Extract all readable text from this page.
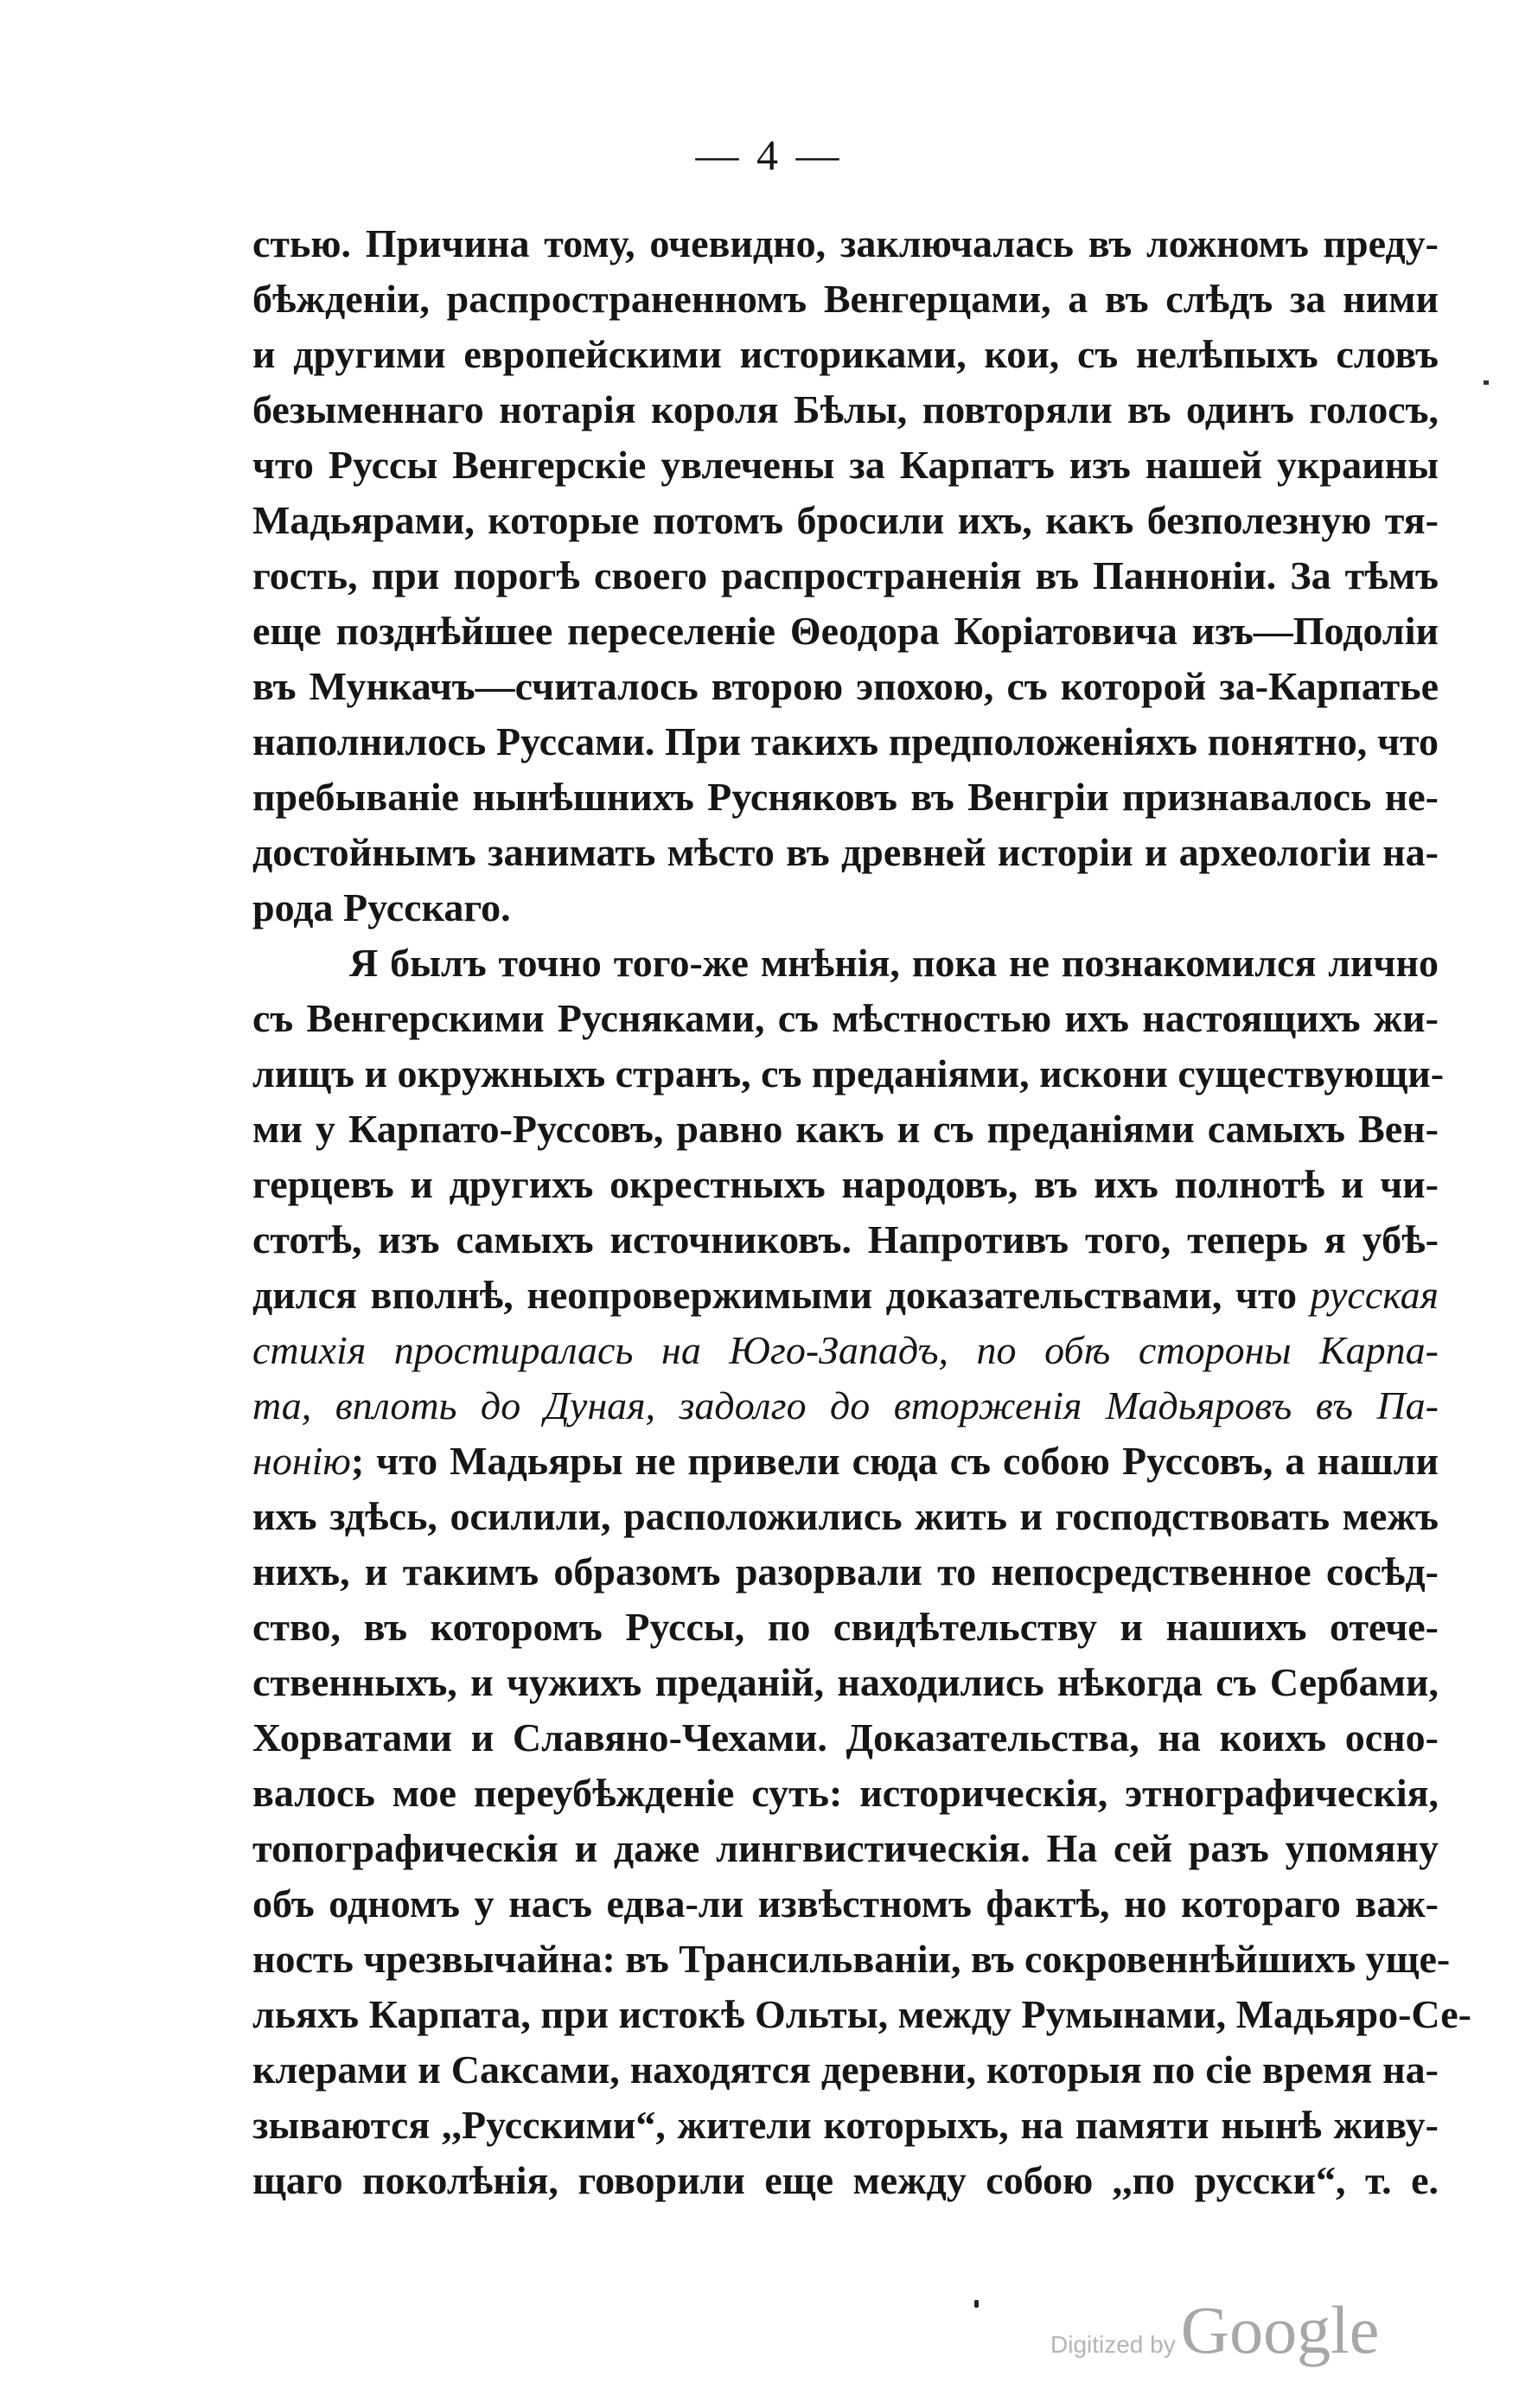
— 4 —
стью. Причина тому, очевидно, заключалась въ ложномъ преду-
бѣжденіи, распространенномъ Венгерцами, а въ слѣдъ за ними
и другими европейскими историками, кои, съ нелѣпыхъ словъ
безыменнаго нотарія короля Бѣлы, повторяли въ одинъ голосъ,
что Руссы Венгерскіе увлечены за Карпатъ изъ нашей украины
Мадьярами, которые потомъ бросили ихъ, какъ безполезную тя-
гость, при порогѣ своего распространенія въ Паннонiи. За тѣмъ
еще позднѣйшее переселеніе Θеодора Коріатовича изъ—Подоліи
въ Мункачъ—считалось второю эпохою, съ которой за-Карпатье
наполнилось Руссами. При такихъ предположеніяхъ понятно, что
пребываніе нынѣшнихъ Русняковъ въ Венгріи признавалось не-
достойнымъ занимать мѣсто въ древней исторіи и археологіи на-
рода Русскаго.
Я былъ точно того-же мнѣнія, пока не познакомился лично
съ Венгерскими Русняками, съ мѣстностью ихъ настоящихъ жи-
лищъ и окружныхъ странъ, съ преданіями, искони существующи-
ми у Карпато-Руссовъ, равно какъ и съ преданіями самыхъ Вен-
герцевъ и другихъ окрестныхъ народовъ, въ ихъ полнотѣ и чи-
стотѣ, изъ самыхъ источниковъ. Напротивъ того, теперь я убѣ-
дился вполнѣ, неопровержимыми доказательствами, что русская
стихія простиралась на Юго-Западъ, по обѣ стороны Карпа-
та, вплоть до Дуная, задолго до вторженія Мадьяровъ въ Па-
нонію; что Мадьяры не привели сюда съ собою Руссовъ, а нашли
ихъ здѣсь, осилили, расположились жить и господствовать межъ
нихъ, и такимъ образомъ разорвали то непосредственное сосѣд-
ство, въ которомъ Руссы, по свидѣтельству и нашихъ отече-
ственныхъ, и чужихъ преданій, находились нѣкогда съ Сербами,
Хорватами и Славяно-Чехами. Доказательства, на коихъ осно-
валось мое переубѣжденіе суть: историческія, этнографическія,
топографическія и даже лингвистическія. На сей разъ упомяну
объ одномъ у насъ едва-ли извѣстномъ фактѣ, но котораго важ-
ность чрезвычайна: въ Трансильваніи, въ сокровеннѣйшихъ уще-
льяхъ Карпата, при истокѣ Ольты, между Румынами, Мадьяро-Се-
клерами и Саксами, находятся деревни, которыя по сіе время на-
зываются ,,Русскими“, жители которыхъ, на памяти нынѣ живу-
щаго поколѣнія, говорили еще между собою ,,по русски“, т. е.
Digitized by Google
